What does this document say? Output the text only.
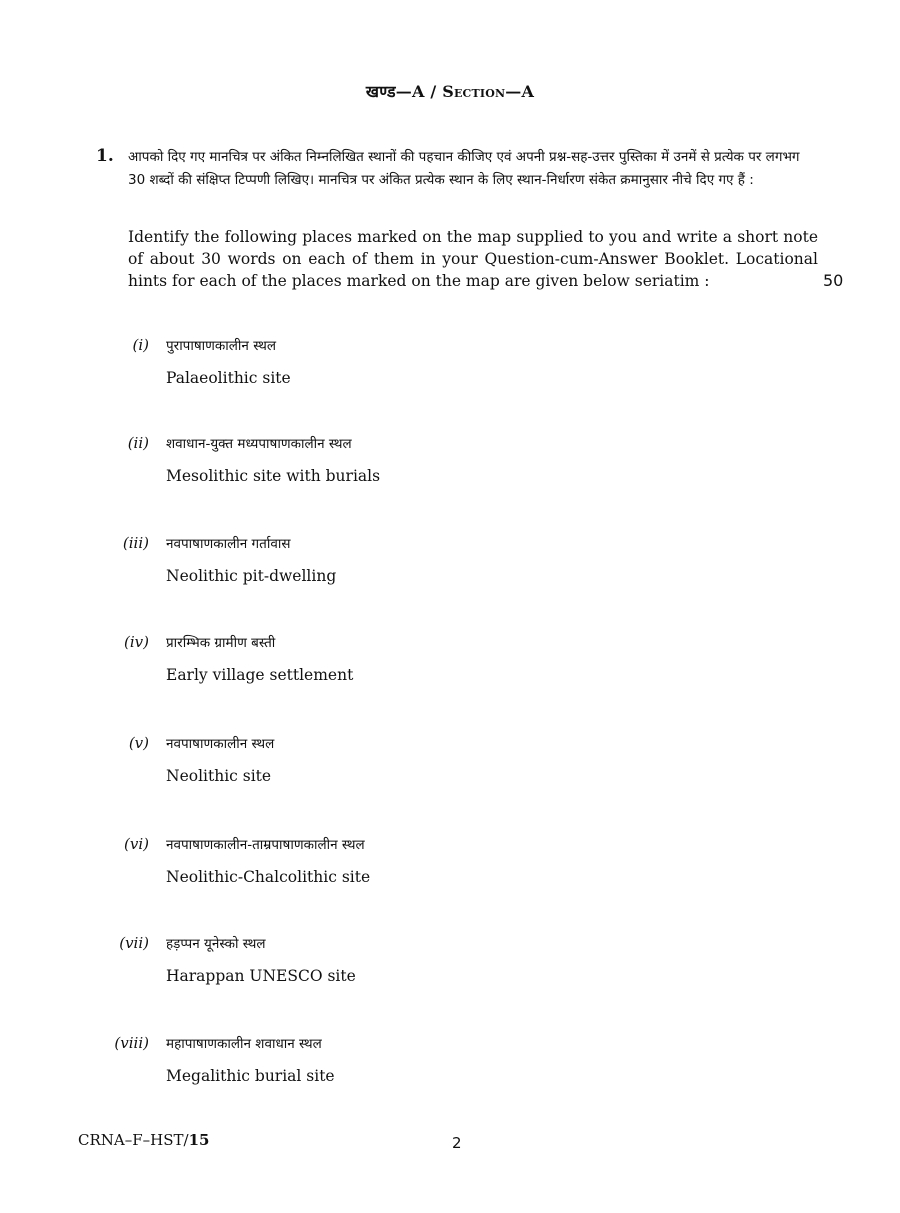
खण्ड—A / Section—A
1. आपको दिए गए मानचित्र पर अंकित निम्नलिखित स्थानों की पहचान कीजिए एवं अपनी प्रश्न-सह-उत्तर पुस्तिका में उनमें से प्रत्येक पर लगभग 30 शब्दों की संक्षिप्त टिप्पणी लिखिए। मानचित्र पर अंकित प्रत्येक स्थान के लिए स्थान-निर्धारण संकेत क्रमानुसार नीचे दिए गए हैं :
Identify the following places marked on the map supplied to you and write a short note of about 30 words on each of them in your Question-cum-Answer Booklet. Locational hints for each of the places marked on the map are given below seriatim :	50
(i) पुरापाषाणकालीन स्थल
Palaeolithic site
(ii) शवाधान-युक्त मध्यपाषाणकालीन स्थल
Mesolithic site with burials
(iii) नवपाषाणकालीन गर्तावास
Neolithic pit-dwelling
(iv) प्रारम्भिक ग्रामीण बस्ती
Early village settlement
(v) नवपाषाणकालीन स्थल
Neolithic site
(vi) नवपाषाणकालीन-ताम्रपाषाणकालीन स्थल
Neolithic-Chalcolithic site
(vii) हड़प्पन यूनेस्को स्थल
Harappan UNESCO site
(viii) महापाषाणकालीन शवाधान स्थल
Megalithic burial site
CRNA–F–HST/15	2
